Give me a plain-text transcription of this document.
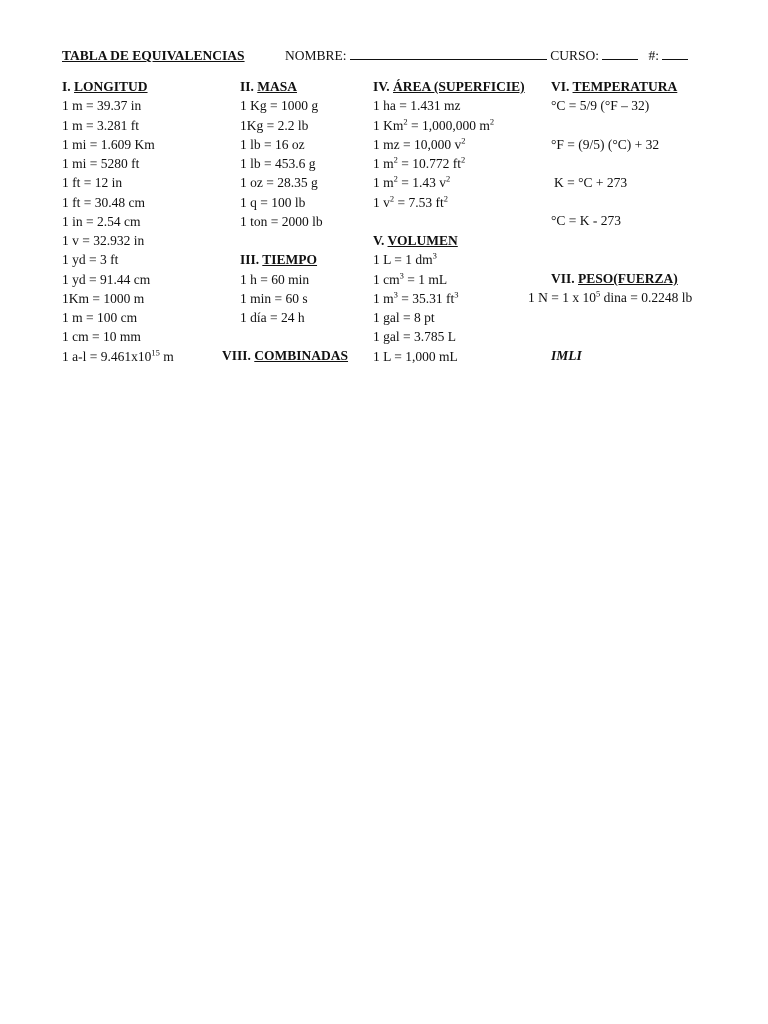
TABLA DE EQUIVALENCIAS	NOMBRE:	CURSO:	#:
I. LONGITUD
1 m = 39.37 in
1 m = 3.281 ft
1 mi = 1.609 Km
1 mi = 5280 ft
1 ft = 12 in
1 ft = 30.48 cm
1 in = 2.54 cm
1 v = 32.932 in
1 yd = 3 ft
1 yd = 91.44 cm
1Km = 1000 m
1 m = 100 cm
1 cm = 10 mm
1 $a-l = 9.461x10^{15}$ m
II. MASA
1 Kg = 1000 g
1Kg = 2.2 lb
1 lb = 16 oz
1 lb = 453.6 g
1 oz = 28.35 g
1 q = 100 lb
1 ton = 2000 lb
III. TIEMPO
1 h = 60 min
1 min = 60 s
1 día = 24 h
VIII. COMBINADAS
IV. ÁREA (SUPERFICIE)
1 ha = 1.431 mz
1 $Km^2 = 1,000,000$ $m^2$
1 mz = 10,000 $v^2$
1 $m^2 = 10.772$ $ft^2$
1 $m^2 = 1.43$ $v^2$
1 $v^2 = 7.53$ $ft^2$
V. VOLUMEN
1 L = 1 $dm^3$
1 $cm^3 = 1$ mL
1 $m^3 = 35.31$ $ft^3$
1 gal = 8 pt
1 gal = 3.785 L
1 L = 1,000 mL
VI. TEMPERATURA
°C = 5/9 (°F – 32)
°F = (9/5) (°C) + 32
K = °C + 273
°C = K - 273
VII. PESO(FUERZA)
1 N = 1 x $10^5$ dina = 0.2248 lb
IMLI
